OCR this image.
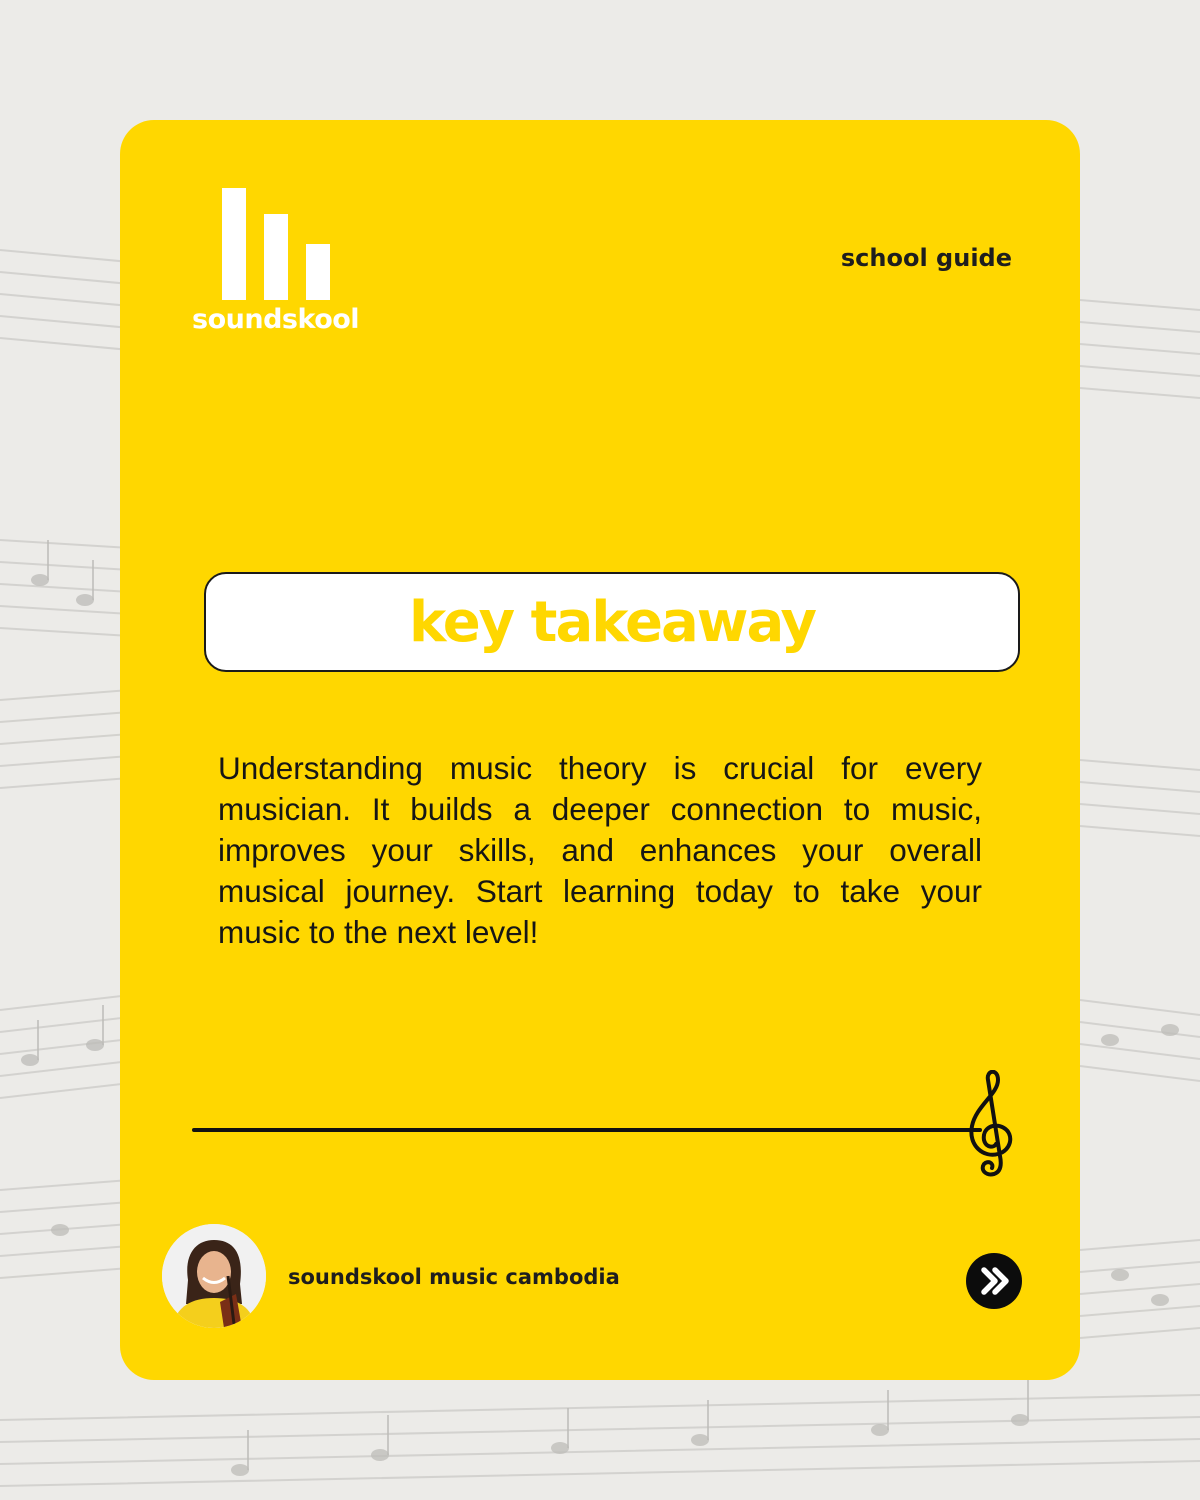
soundskool
school guide
key takeaway
Understanding music theory is crucial for every musician. It builds a deeper connection to music, improves your skills, and enhances your overall musical journey. Start learning today to take your music to the next level!
soundskool music cambodia
